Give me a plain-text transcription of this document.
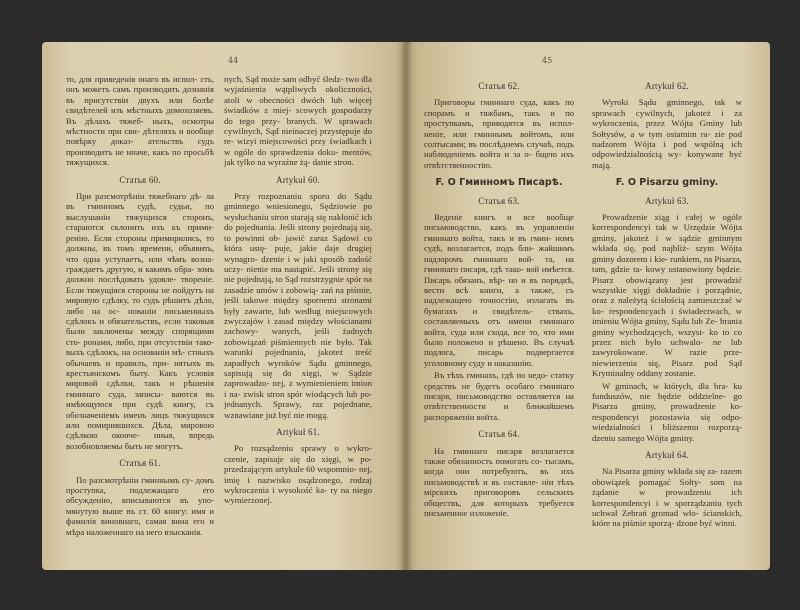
44

то, для приведенія онаго въ испол- сть, онъ можетъ самъ производить дознанія въ присутствіи двухъ или болѣе свидѣтелей изъ мѣстныхъ домохозяевъ. Въ дѣлахъ тяжеб- ныхъ, осмотры мѣстности при сви- дѣтеляхъ и вообще повѣрку доказ- ательствъ судъ производитъ не иначе, какъ по просьбѣ тяжущихся.

Статья 60.

При разсмотрѣніи тяжебнаго дѣ- ла въ гминномъ судѣ, судьи, по выслушаніи тяжущихся сторонъ, стараются склонить ихъ къ прими- ренію. Если стороны примирились, то должны, въ томъ времени, объявить, что одна уступаетъ, или чѣмъ возна- граждаетъ другую, и какимъ обра- зомъ должно послѣдовать удовле- твореніе. Если тяжущіяся стороны не пойдутъ на мировую сдѣлку, то судъ рѣшитъ дѣло, либо на ос- нованіи письменныхъ сдѣлокъ и обязательствъ, если таковыя были заключены между спорящими сто- ронами, либо, при отсутствіи тако- выхъ сдѣлокъ, на основаніи мѣ- стныхъ обычаевъ и правилъ, при- нятыхъ въ крестьянскомъ быту. Какъ условія мировой сдѣлки, такъ и рѣшенія гминнаго суда, записы- ваются въ имѣющуюся при судѣ книгу, съ обозначеніемъ именъ лицъ тяжущихся или помирившихся. Дѣла, мировою сдѣлкою оконче- нныя, впредь возобновляемы быть не могутъ.

Статья 61.

По разсмотрѣніи гминнымъ су- домъ проступка, подлежащаго его обсужденію, вписываются въ упо- мянутую выше въ ст. 60 книгу: имя и фамилія виновнаго, самая вина его и мѣра наложеннаго на него взысканія.

nych, Sąd może sam odbyć śledz- two dla wyjaśnienia wątpliwych okoliczności, atoli w obecności dwóch lub więcej świadków z miej- scowych gospodarzy do tego przy- branych. W sprawach cywilnych, Sąd nieinaczej przystępuje do re- wizyi miejscowości przy świadkach i w ogóle do sprawdzenia doku- mentów, jak tylko na wyraźne żą- danie stron.

Artykuł 60.

Przy rozpoznaniu sporu do Sądu gminnego wniesionego, Sędziowie po wysłuchaniu stron starają się nakłonić ich do pojednania. Jeśli strony pojednają się, to powinni ob- jawić zaraz Sądowi co która ustę- puje, jakie daje drugiej wynagro- dzenie i w jaki sposób zadość uczy- nienie ma nastąpić. Jeśli strony się nie pojednają, to Sąd rozstrzygnie spór na zasadzie umów i zobowią- zań na piśmie, jeśli takowe między spornemi stronami były zawarte, lub według miejscowych zwyczajów i zasad między włościanami zachowy- wanych, jeśli żadnych zobowiązań piśmiennych nie było. Tak warunki pojednania, jakoteż treść zapadłych wyroków Sądu gminnego, sapisują się do xięgi, w Sądzie zaprowadzo- nej, z wymienieniem imion i na- zwisk stron spór wiodących lub po- jednanych. Sprawy, raz pojednane, wznawiane już być nie mogą.

Artykuł 61.

Po rozsądzeniu sprawy o wykro- czenie, zapisuje się do xięgi, w po- przedzającym artykule 60 wspomnio- nej, imię i nazwisko osądzonego, rodzaj wykroczenia i wysokość ka- ry na niego wymierzonej.

45
Статья 62.

Приговоры гминнаго суда, какъ по спорамъ и тяжбамъ, такъ и по проступкамъ, приводятся въ испол- неніе, или гминнымъ войтомъ, или солтысами; въ послѣднемъ случаѣ, подъ наблюденіемъ войта и за о- бщею ихъ отвѣтственностію.

F. О Гминномъ Писарѣ.
Статья 63.

Веденіе книгъ и все вообще письмоводство, какъ въ управленіи гминнаго войта, такъ и въ гмин- номъ судѣ, возлагается, подъ бли- жайшимъ надзоромъ гминнаго вой- та, на гминнаго писаря, гдѣ тако- вой имѣется. Писарь обязанъ, вѣр- но и въ порядкѣ, вести всѣ книги, а также, съ надлежащею точностію, излагать въ бумагахъ и свидѣтель- ствахъ, составляемыхъ отъ имени гминнаго войта, суда или схода, все то, что ими было положено и рѣшено. Въ случаѣ подлога, писарь подвергается уголовному суду и наказанію.

Въ тѣхъ гминахъ, гдѣ по недо- статку средствъ не будетъ особаго гминнаго писаря, письмоводство оставляется на отвѣтственности и ближайшемъ распоряженіи войта.

Статья 64.

На гминнаго писаря возлагается также обязанность помогать со- тысамъ, когда они потребуютъ, въ ихъ письмоводствѣ и въ составле- ніи тѣхъ мірскихъ приговоровъ сельскихъ обществъ, для которыхъ требуется письменное изложеніе.

Artykuł 62.

Wyroki Sądu gminnego, tak w sprawach cywilnych, jakoteż i za wykroczenia, przez Wójta Gminy lub Sołtysów, a w tym ostatnim ra- zie pod nadzorem Wójta i pod wspólną ich odpowiedzialnością wy- konywane być mają.

F. O Pisarzu gminy.
Artykuł 63.

Prowadzenie xiąg i całej w ogóle korrespondencyi tak w Urzędzie Wójta gminy, jakoteż i w sądzie gminnym wkłada się, pod najbliż- szym Wójta gminy dozorem i kie- runkiem, na Pisarza, tam, gdzie ta- kowy ustanowiony będzie. Pisarz obowiązany jest prowadzić wszystkie xięgi dokładnie i porządnie, oraz z należytą ścisłością zamieszczać w ko- respondencyach i świadectwach, w imieniu Wójta gminy, Sądu lub Ze- brania gminy wychodzących, wszyst- ko to co przez nich było uchwalo- ne lub zawyrokowane. W razie prze- niewierzenia się, Pisarz pod Sąd Kryminalny oddany zostanie.

W gminach, w których, dla bra- ku funduszów, nie będzie oddzielne- go Pisarza gminy, prowadzenie ko- respondencyi pozostawia się odpo- wiedzialności i bliższemu rozporzą- dzeniu samego Wójta gminy.

Artykuł 64.

Na Pisarza gminy wkłada się za- razem obowiązek pomagać Sołty- som na żądanie w prowadzeniu ich korrespondencyi i w sporządzaniu tych uchwał Zebrań gromad wło- ścianskich, które na piśmie sporzą- dzone być winni.
